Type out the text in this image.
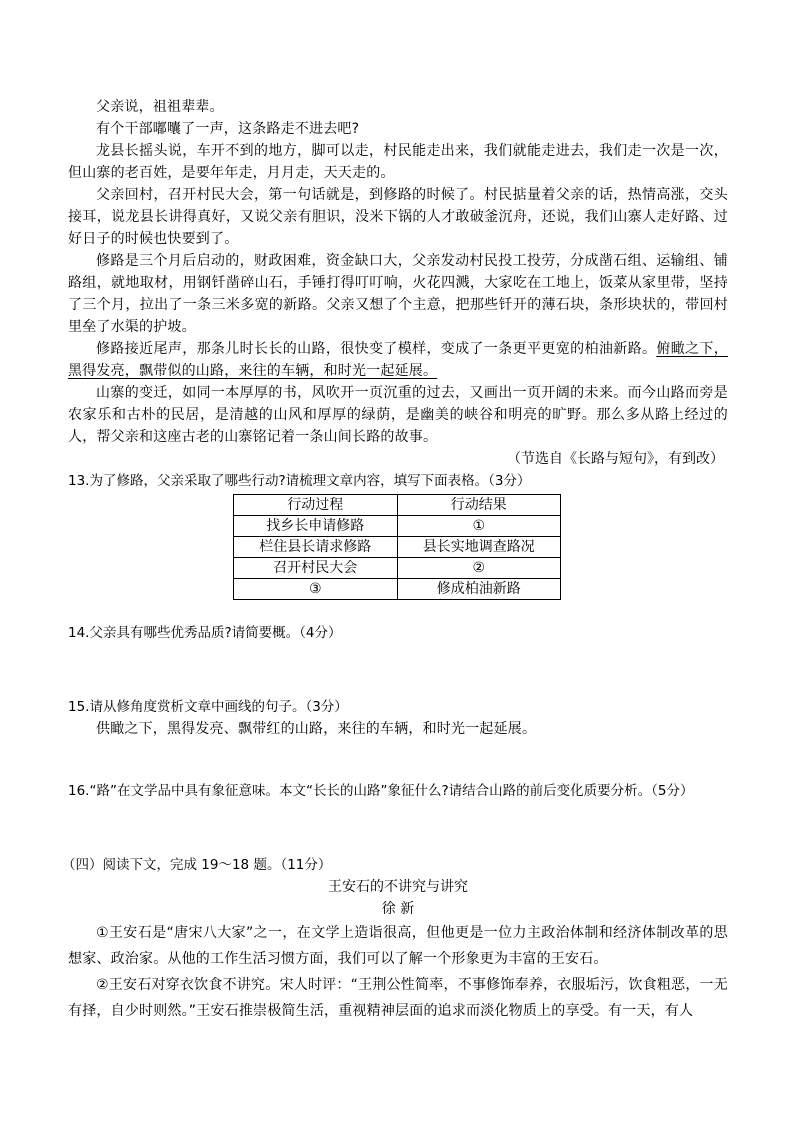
父亲说，祖祖辈辈。

有个干部嘟囔了一声，这条路走不进去吧?

龙县长摇头说，车开不到的地方，脚可以走，村民能走出来，我们就能走进去，我们走一次是一次，但山寨的老百姓，是要年年走，月月走，天天走的。

父亲回村，召开村民大会，第一句话就是，到修路的时候了。村民掂量着父亲的话，热情高涨，交头接耳，说龙县长讲得真好，又说父亲有胆识，没米下锅的人才敢破釜沉舟，还说，我们山寨人走好路、过好日子的时候也快要到了。

修路是三个月后启动的，财政困难，资金缺口大，父亲发动村民投工投劳，分成凿石组、运输组、铺路组，就地取材，用钢钎凿碎山石，手锤打得叮叮响，火花四溅，大家吃在工地上，饭菜从家里带，坚持了三个月，拉出了一条三米多宽的新路。父亲又想了个主意，把那些钎开的薄石块，条形块状的，带回村里垒了水渠的护坡。

修路接近尾声，那条儿时长长的山路，很快变了模样，变成了一条更平更宽的柏油新路。俯瞰之下，黑得发亮，飘带似的山路，来往的车辆，和时光一起延展。

山寨的变迁，如同一本厚厚的书，风吹开一页沉重的过去，又画出一页开阔的未来。而今山路而旁是农家乐和古朴的民居，是清越的山风和厚厚的绿荫，是幽美的峡谷和明亮的旷野。那么多从路上经过的人，帮父亲和这座古老的山寨铭记着一条山间长路的故事。

（节选自《长路与短句》，有到改）

13.为了修路，父亲采取了哪些行动?请梳理文章内容，填写下面表格。（3分）

行动过程	行动结果
找乡长申请修路	①
栏住县长请求修路	县长实地调查路况
召开村民大会	②
③	修成柏油新路

14.父亲具有哪些优秀品质?请简要概。（4分）

15.请从修角度赏析文章中画线的句子。（3分）

供瞰之下，黑得发亮、飘带红的山路，来往的车辆，和时光一起延展。

16.“路”在文学品中具有象征意味。本文“长长的山路”象征什么?请结合山路的前后变化质要分析。（5分）

（四）阅读下文，完成 19～18 题。（11分）

王安石的不讲究与讲究

徐 新

①王安石是“唐宋八大家”之一，在文学上造诣很高，但他更是一位力主政治体制和经济体制改革的思想家、政治家。从他的工作生活习惯方面，我们可以了解一个形象更为丰富的王安石。

②王安石对穿衣饮食不讲究。宋人时评：“王荆公性简率，不事修饰奉养，衣服垢污，饮食粗恶，一无有择，自少时则然。”王安石推崇极简生活，重视精神层面的追求而淡化物质上的享受。有一天，有人
